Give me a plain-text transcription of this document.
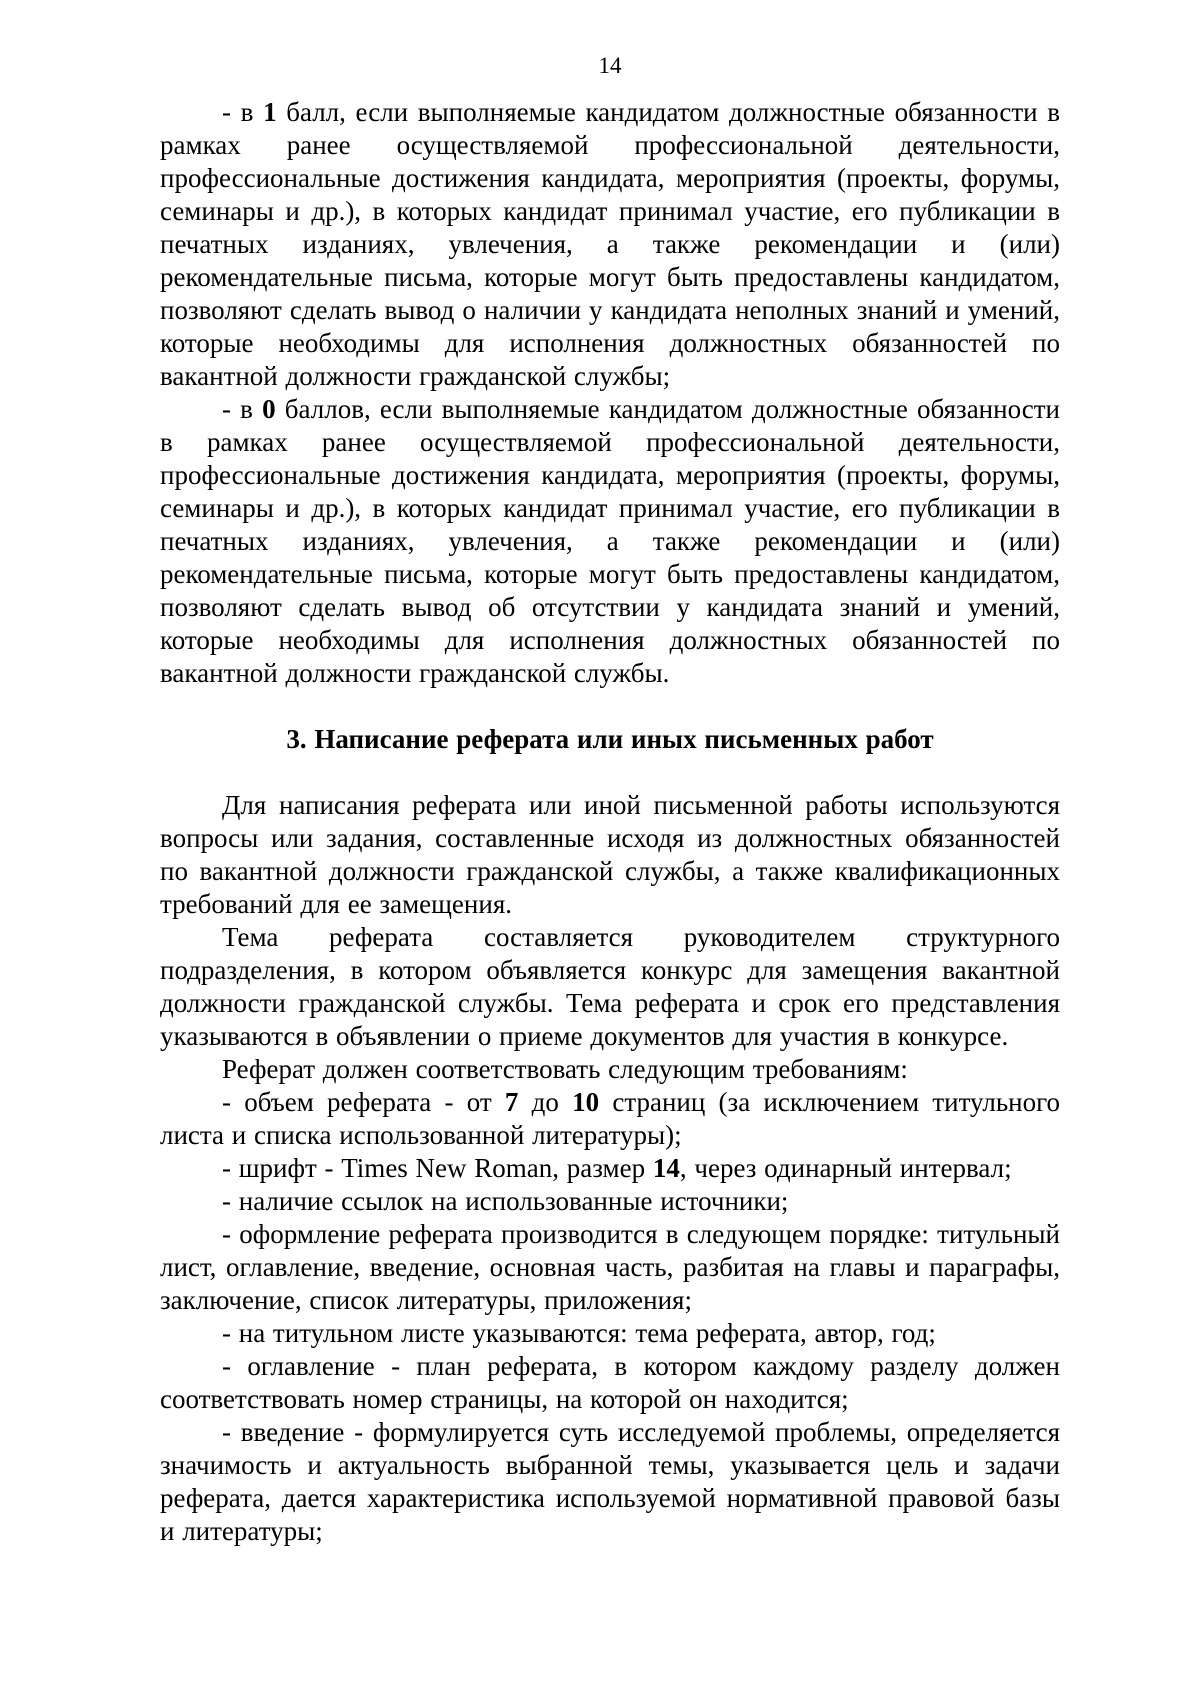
14

- в 1 балл, если выполняемые кандидатом должностные обязанности в рамках ранее осуществляемой профессиональной деятельности, профессиональные достижения кандидата, мероприятия (проекты, форумы, семинары и др.), в которых кандидат принимал участие, его публикации в печатных изданиях, увлечения, а также рекомендации и (или) рекомендательные письма, которые могут быть предоставлены кандидатом, позволяют сделать вывод о наличии у кандидата неполных знаний и умений, которые необходимы для исполнения должностных обязанностей по вакантной должности гражданской службы;

- в 0 баллов, если выполняемые кандидатом должностные обязанности в рамках ранее осуществляемой профессиональной деятельности, профессиональные достижения кандидата, мероприятия (проекты, форумы, семинары и др.), в которых кандидат принимал участие, его публикации в печатных изданиях, увлечения, а также рекомендации и (или) рекомендательные письма, которые могут быть предоставлены кандидатом, позволяют сделать вывод об отсутствии у кандидата знаний и умений, которые необходимы для исполнения должностных обязанностей по вакантной должности гражданской службы.

3. Написание реферата или иных письменных работ

Для написания реферата или иной письменной работы используются вопросы или задания, составленные исходя из должностных обязанностей по вакантной должности гражданской службы, а также квалификационных требований для ее замещения.

Тема реферата составляется руководителем структурного подразделения, в котором объявляется конкурс для замещения вакантной должности гражданской службы. Тема реферата и срок его представления указываются в объявлении о приеме документов для участия в конкурсе.

Реферат должен соответствовать следующим требованиям:

- объем реферата - от 7 до 10 страниц (за исключением титульного листа и списка использованной литературы);

- шрифт - Times New Roman, размер 14, через одинарный интервал;

- наличие ссылок на использованные источники;

- оформление реферата производится в следующем порядке: титульный лист, оглавление, введение, основная часть, разбитая на главы и параграфы, заключение, список литературы, приложения;

- на титульном листе указываются: тема реферата, автор, год;

- оглавление - план реферата, в котором каждому разделу должен соответствовать номер страницы, на которой он находится;

- введение - формулируется суть исследуемой проблемы, определяется значимость и актуальность выбранной темы, указывается цель и задачи реферата, дается характеристика используемой нормативной правовой базы и литературы;
